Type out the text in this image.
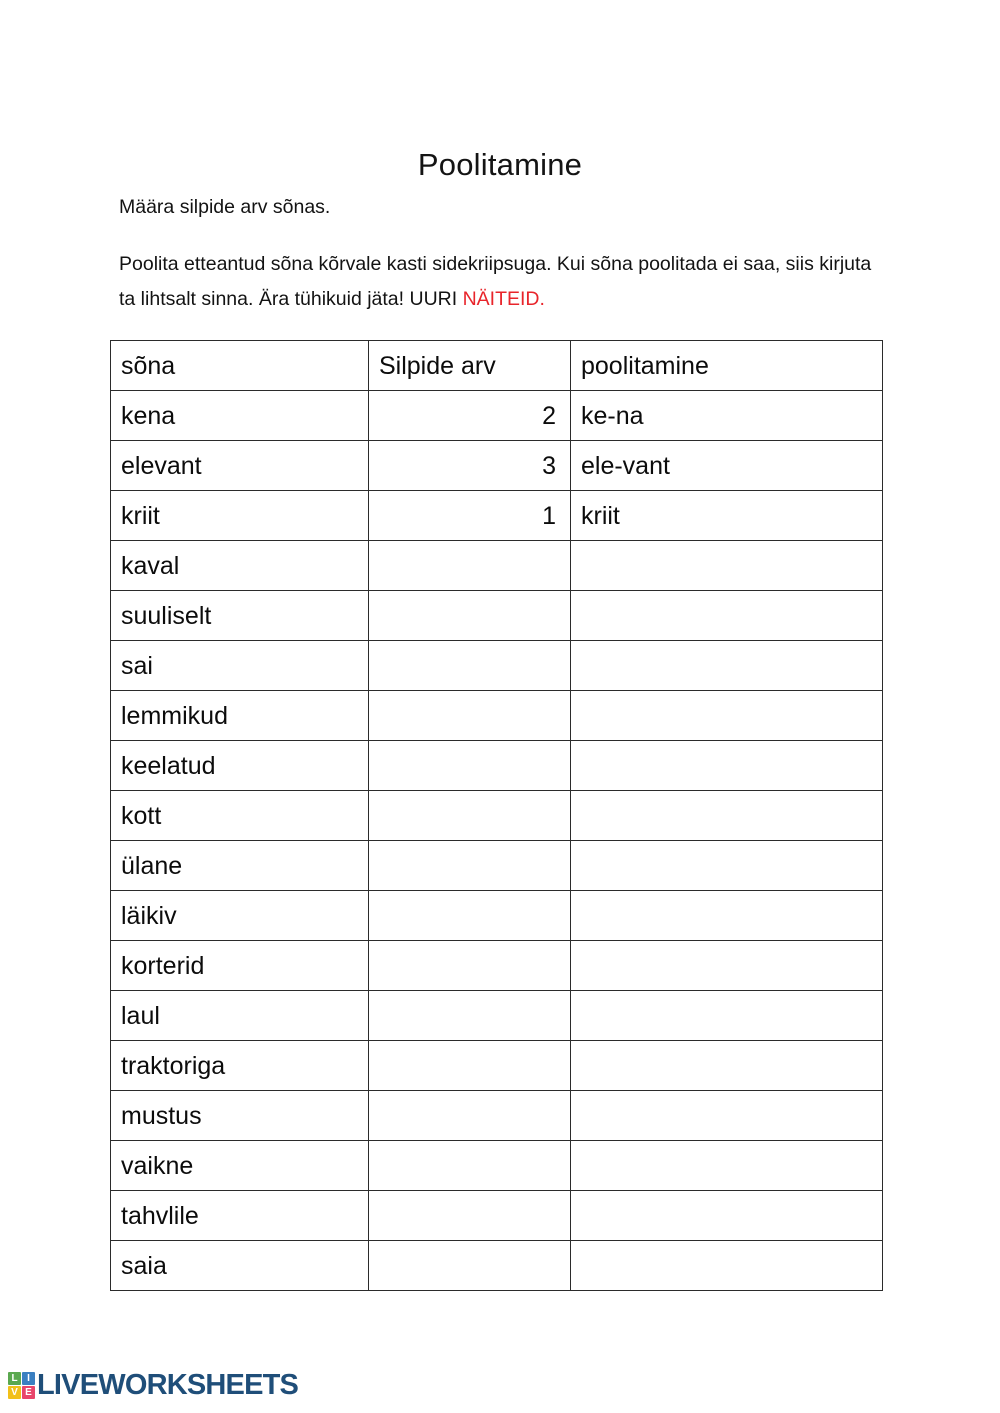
Poolitamine

Määra silpide arv sõnas.

Poolita etteantud sõna kõrvale kasti sidekriipsuga. Kui sõna poolitada ei saa, siis kirjuta ta lihtsalt sinna. Ära tühikuid jäta! UURI NÄITEID.

sõna	Silpide arv	poolitamine
kena	2	ke-na
elevant	3	ele-vant
kriit	1	kriit
kaval		
suuliselt		
sai		
lemmikud		
keelatud		
kott		
ülane		
läikiv		
korterid		
laul		
traktoriga		
mustus		
vaikne		
tahvlile		
saia		
L I
V E LIVEWORKSHEETS
